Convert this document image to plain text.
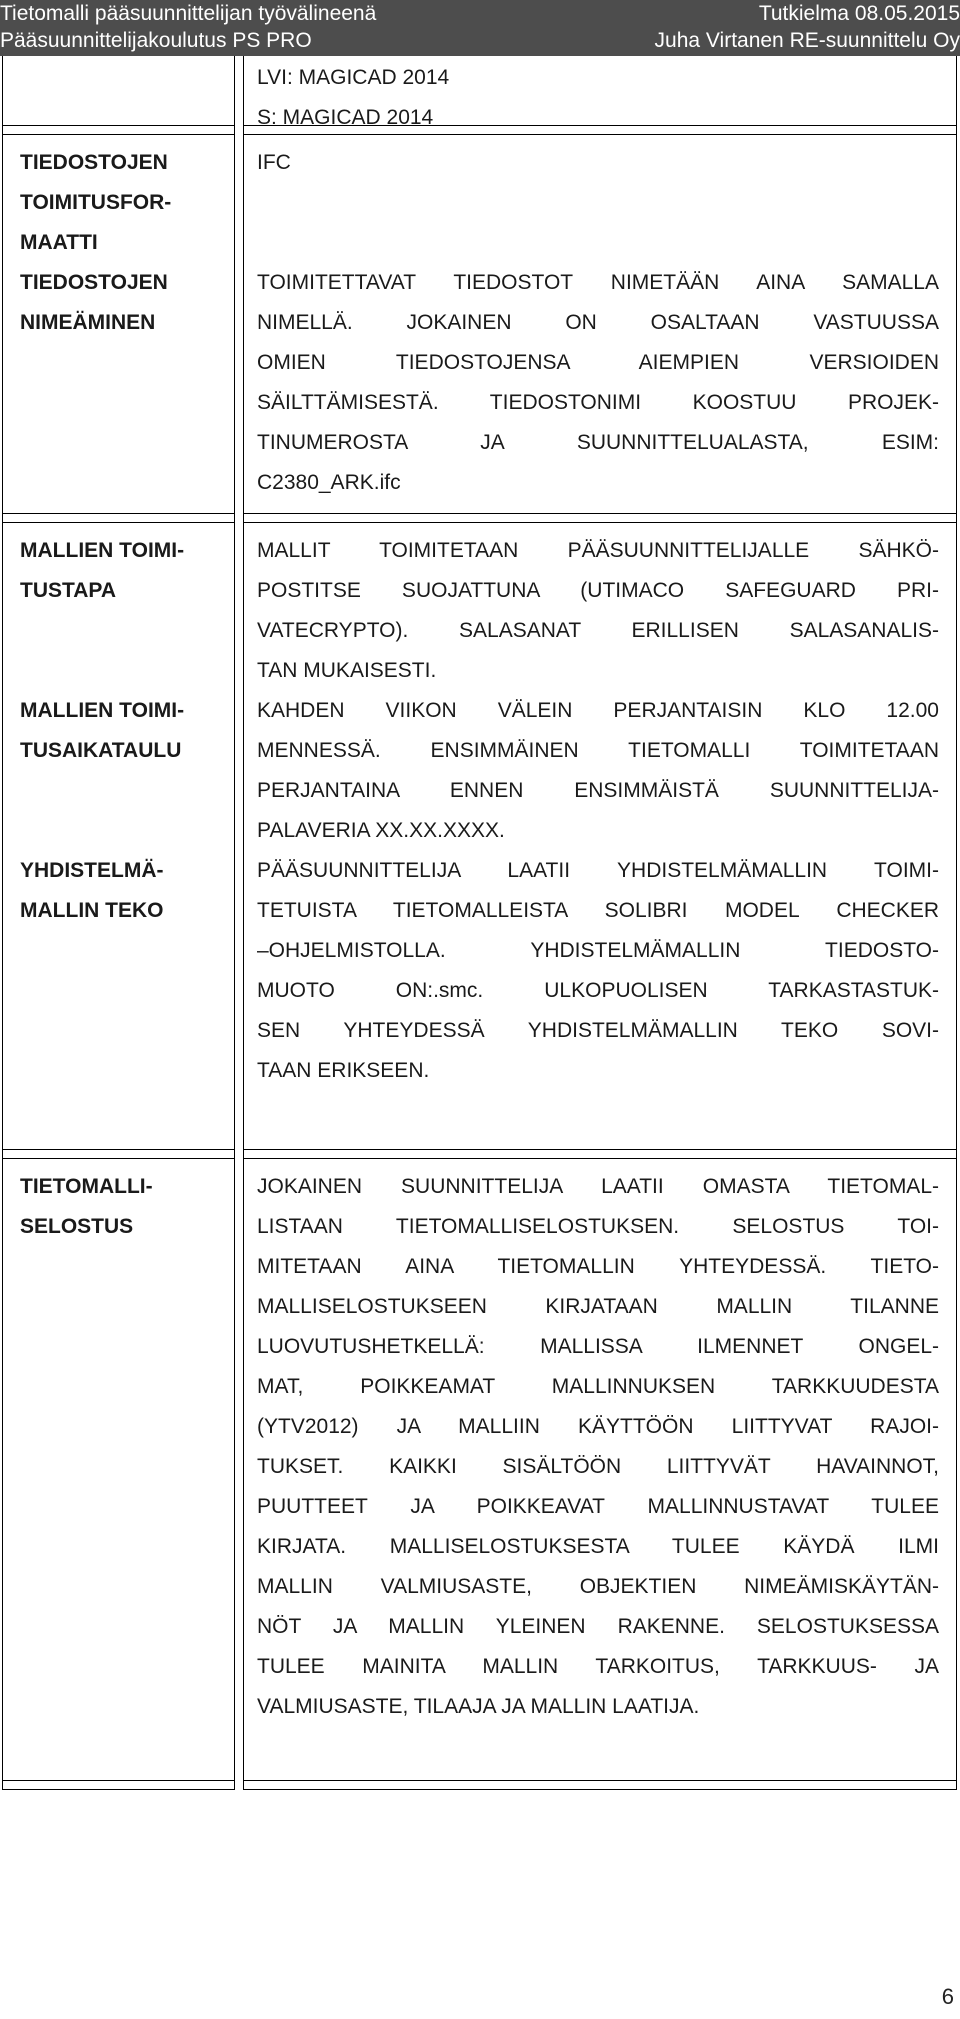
Tietomalli pääsuunnittelijan työvälineenä	Tutkielma 08.05.2015
Pääsuunnittelijakoulutus PS PRO	Juha Virtanen RE-suunnittelu Oy
LVI: MAGICAD 2014
S: MAGICAD 2014
TIEDOSTOJEN
TOIMITUSFOR-
MAATTI
IFC
TIEDOSTOJEN
NIMEÄMINEN
TOIMITETTAVAT TIEDOSTOT NIMETÄÄN AINA SAMALLA
NIMELLÄ. JOKAINEN ON OSALTAAN VASTUUSSA
OMIEN TIEDOSTOJENSA AIEMPIEN VERSIOIDEN
SÄILTTÄMISESTÄ. TIEDOSTONIMI KOOSTUU PROJEK-
TINUMEROSTA JA SUUNNITTELUALASTA, ESIM:
C2380_ARK.ifc
MALLIEN TOIMI-
TUSTAPA
MALLIT TOIMITETAAN PÄÄSUUNNITTELIJALLE SÄHKÖ-
POSTITSE SUOJATTUNA (UTIMACO SAFEGUARD PRI-
VATECRYPTO). SALASANAT ERILLISEN SALASANALIS-
TAN MUKAISESTI.
MALLIEN TOIMI-
TUSAIKATAULU
KAHDEN VIIKON VÄLEIN PERJANTAISIN KLO 12.00
MENNESSÄ. ENSIMMÄINEN TIETOMALLI TOIMITETAAN
PERJANTAINA ENNEN ENSIMMÄISTÄ SUUNNITTELIJA-
PALAVERIA XX.XX.XXXX.
YHDISTELMÄ-
MALLIN TEKO
PÄÄSUUNNITTELIJA LAATII YHDISTELMÄMALLIN TOIMI-
TETUISTA TIETOMALLEISTA SOLIBRI MODEL CHECKER
–OHJELMISTOLLA. YHDISTELMÄMALLIN TIEDOSTO-
MUOTO ON:.smc. ULKOPUOLISEN TARKASTASTUK-
SEN YHTEYDESSÄ YHDISTELMÄMALLIN TEKO SOVI-
TAAN ERIKSEEN.
TIETOMALLI-
SELOSTUS
JOKAINEN SUUNNITTELIJA LAATII OMASTA TIETOMAL-
LISTAAN TIETOMALLISELOSTUKSEN. SELOSTUS TOI-
MITETAAN AINA TIETOMALLIN YHTEYDESSÄ. TIETO-
MALLISELOSTUKSEEN KIRJATAAN MALLIN TILANNE
LUOVUTUSHETKELLÄ: MALLISSA ILMENNET ONGEL-
MAT, POIKKEAMAT MALLINNUKSEN TARKKUUDESTA
(YTV2012) JA MALLIIN KÄYTTÖÖN LIITTYVAT RAJOI-
TUKSET. KAIKKI SISÄLTÖÖN LIITTYVÄT HAVAINNOT,
PUUTTEET JA POIKKEAVAT MALLINNUSTAVAT TULEE
KIRJATA. MALLISELOSTUKSESTA TULEE KÄYDÄ ILMI
MALLIN VALMIUSASTE, OBJEKTIEN NIMEÄMISKÄYTÄN-
NÖT JA MALLIN YLEINEN RAKENNE. SELOSTUKSESSA
TULEE MAINITA MALLIN TARKOITUS, TARKKUUS- JA
VALMIUSASTE, TILAAJA JA MALLIN LAATIJA.
6
